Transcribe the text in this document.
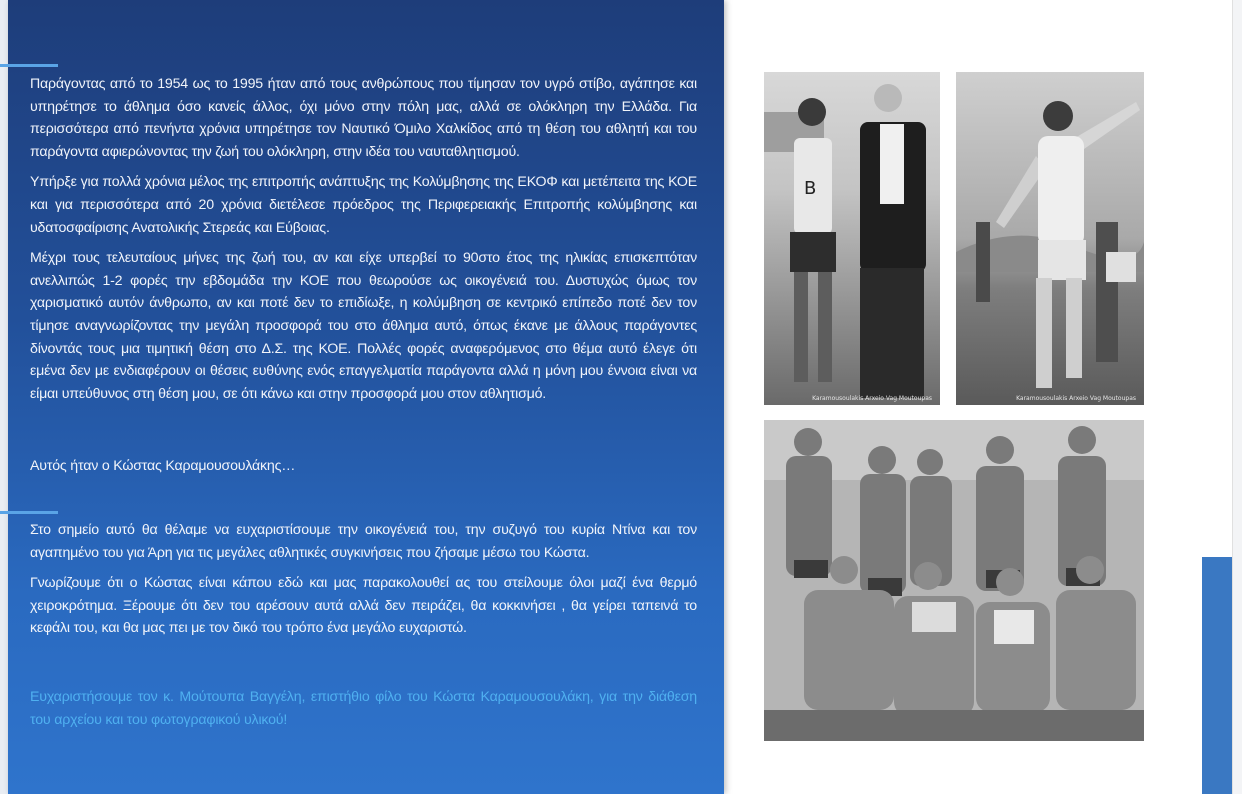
Παράγοντας από το 1954 ως το 1995 ήταν από τους ανθρώπους που τίμησαν τον υγρό στίβο, αγάπησε και υπηρέτησε το άθλημα όσο κανείς άλλος, όχι μόνο στην πόλη μας, αλλά σε ολόκληρη την Ελλάδα. Για περισσότερα από πενήντα χρόνια υπηρέτησε τον Ναυτικό Όμιλο Χαλκίδος από τη θέση του αθλητή και του παράγοντα αφιερώνοντας την ζωή του ολόκληρη, στην ιδέα του ναυταθλητισμού.

Υπήρξε για πολλά χρόνια μέλος της επιτροπής ανάπτυξης της Κολύμβησης της ΕΚΟΦ και μετέπειτα της ΚΟΕ και για περισσότερα από 20 χρόνια διετέλεσε πρόεδρος της Περιφερειακής Επιτροπής κολύμβησης και υδατοσφαίρισης Ανατολικής Στερεάς και Εύβοιας.

Μέχρι τους τελευταίους μήνες της ζωή του, αν και είχε υπερβεί το 90στο έτος της ηλικίας επισκεπτόταν ανελλιπώς 1-2 φορές την εβδομάδα την ΚΟΕ που θεωρούσε ως οικογένειά του. Δυστυχώς όμως τον χαρισματικό αυτόν άνθρωπο, αν και ποτέ δεν το επιδίωξε, η κολύμβηση σε κεντρικό επίπεδο ποτέ δεν τον τίμησε αναγνωρίζοντας την μεγάλη προσφορά του στο άθλημα αυτό, όπως έκανε με άλλους παράγοντες δίνοντάς τους μια τιμητική θέση στο Δ.Σ. της ΚΟΕ. Πολλές φορές αναφερόμενος στο θέμα αυτό έλεγε ότι εμένα δεν με ενδιαφέρουν οι θέσεις ευθύνης ενός επαγγελματία παράγοντα αλλά η μόνη μου έννοια είναι να είμαι υπεύθυνος στη θέση μου, σε ότι κάνω και στην προσφορά μου στον αθλητισμό.

Αυτός ήταν ο Κώστας Καραμουσουλάκης…

Στο σημείο αυτό θα θέλαμε να ευχαριστίσουμε την οικογένειά του, την συζυγό του κυρία Ντίνα και τον αγαπημένο του για Άρη για τις μεγάλες αθλητικές συγκινήσεις που ζήσαμε μέσω του Κώστα.

Γνωρίζουμε ότι ο Κώστας είναι κάπου εδώ και μας παρακολουθεί ας του στείλουμε όλοι μαζί ένα θερμό χειροκρότημα. Ξέρουμε ότι δεν του αρέσουν αυτά αλλά δεν πειράζει, θα κοκκινήσει , θα γείρει ταπεινά το κεφάλι του, και θα μας πει με τον δικό του τρόπο ένα μεγάλο ευχαριστώ.

Ευχαριστήσουμε τον κ. Μούτουπα Βαγγέλη, επιστήθιο φίλο του Κώστα Καραμουσουλάκη, για την διάθεση του αρχείου και του φωτογραφικού υλικού!
B
Karamousoulakis Arxeio Vag Moutoupas	Karamousoulakis Arxeio Vag Moutoupas
